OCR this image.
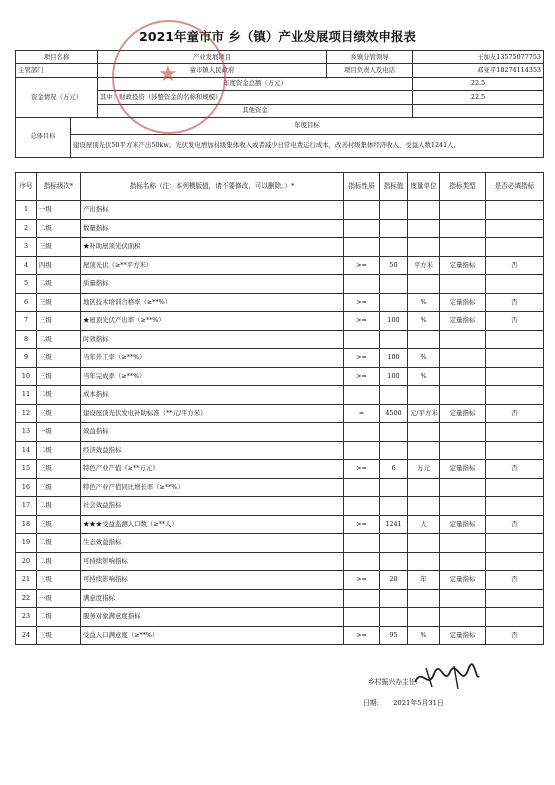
2021年童市市 乡（镇）产业发展项目绩效申报表
项目名称		产业发展项目	乡镇分管领导	王加友13575077753
主管部门		童市镇人民政府	项目负责人及电话	邓亚平18274114353
资金情况（万元）		年度资金总额（万元）		22.5
		其中：财政投资（涉整资金的名称和规模）		22.5
		其他资金		
总体目标	年度目标			
	建设屋顶光伏50平方米产出50kw。光伏发电增加村级集体收入或者减少日常电费运行成本，改善村级集体经济收入，受益人数1241人。			
序号	指标级次*	指标名称（注：本列模版值，请不要修改，可以删除。）*	指标性质	指标值	度量单位	指标类型	是否必填指标
1	一级	产出指标					
2	二级	数量指标					
3	三级	★补助屋顶光伏面积					
4	四级	屋顶光伏（≥**平方米）	>=	50	平方米	定量指标	否
5	二级	质量指标					
6	三级	地区技术培训合格率（≥**%）	>=		%	定量指标	否
7	三级	★屋顶光伏产出率（≥**%）	>=	100	%	定量指标	否
8	二级	时效指标					
9	三级	当年开工率（≥**%）	>=	100	%		
10	三级	当年完成率（≥**%）	>=	100	%		
11	二级	成本指标					
12	三级	建设屋顶光伏发电补助标准（**元/平方米）	=	4500	元/平方米	定量指标	否
13	一级	效益指标					
14	二级	经济效益指标					
15	三级	特色产业产值（≥**万元）	>=	6	万元	定量指标	否
16	三级	特色产业产值同比增长率（≥**%）					
17	二级	社会效益指标					
18	三级	★★★受益监测人口数（≥**人）	>=	1241	人	定量指标	否
19	二级	生态效益指标					
20	二级	可持续影响指标					
21	三级	可持续影响指标	>=	20	年	定量指标	否
22	一级	满意度指标					
23	二级	服务对象满意度指标					
24	三级	受益人口满意度（≥**%）	>=	95	%	定量指标	否
★
乡村振兴办主任:
日期: 2021年5月31日
